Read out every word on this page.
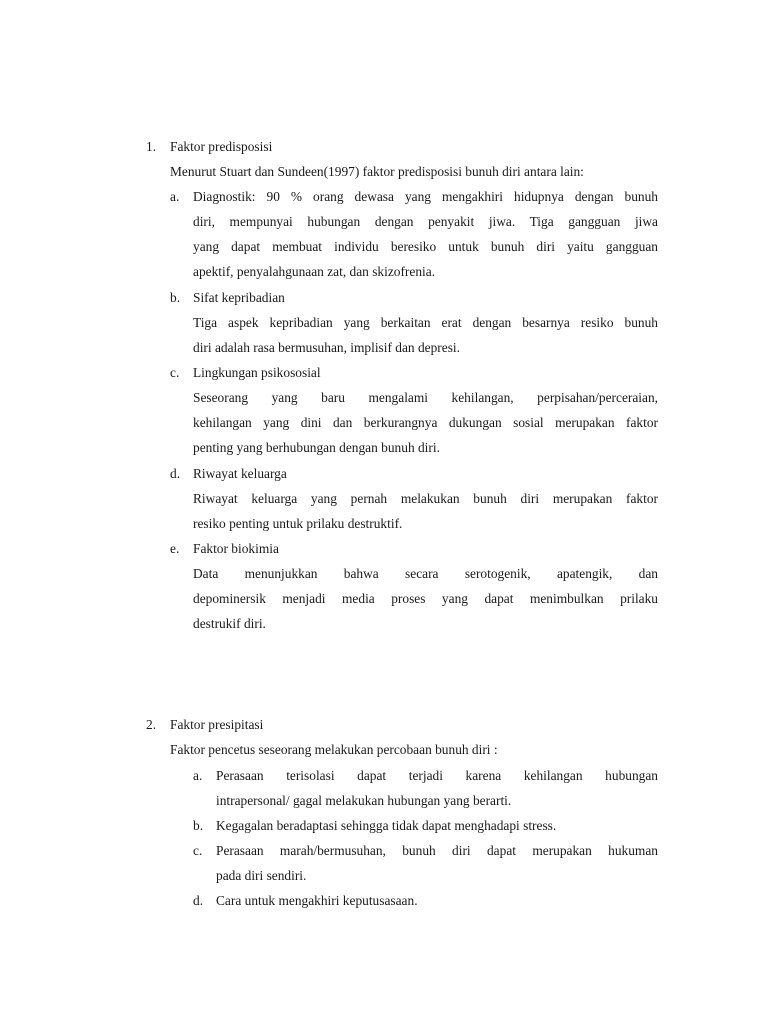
1. Faktor predisposisi
Menurut Stuart dan Sundeen(1997) faktor predisposisi bunuh diri antara lain:
a. Diagnostik: 90 % orang dewasa yang mengakhiri hidupnya dengan bunuh
diri, mempunyai hubungan dengan penyakit jiwa. Tiga gangguan jiwa
yang dapat membuat individu beresiko untuk bunuh diri yaitu gangguan
apektif, penyalahgunaan zat, dan skizofrenia.
b. Sifat kepribadian
Tiga aspek kepribadian yang berkaitan erat dengan besarnya resiko bunuh
diri adalah rasa bermusuhan, implisif dan depresi.
c. Lingkungan psikososial
Seseorang yang baru mengalami kehilangan, perpisahan/perceraian,
kehilangan yang dini dan berkurangnya dukungan sosial merupakan faktor
penting yang berhubungan dengan bunuh diri.
d. Riwayat keluarga
Riwayat keluarga yang pernah melakukan bunuh diri merupakan faktor
resiko penting untuk prilaku destruktif.
e. Faktor biokimia
Data menunjukkan bahwa secara serotogenik, apatengik, dan
depominersik menjadi media proses yang dapat menimbulkan prilaku
destrukif diri.
2. Faktor presipitasi
Faktor pencetus seseorang melakukan percobaan bunuh diri :
a. Perasaan terisolasi dapat terjadi karena kehilangan hubungan
intrapersonal/ gagal melakukan hubungan yang berarti.
b. Kegagalan beradaptasi sehingga tidak dapat menghadapi stress.
c. Perasaan marah/bermusuhan, bunuh diri dapat merupakan hukuman
pada diri sendiri.
d. Cara untuk mengakhiri keputusasaan.
